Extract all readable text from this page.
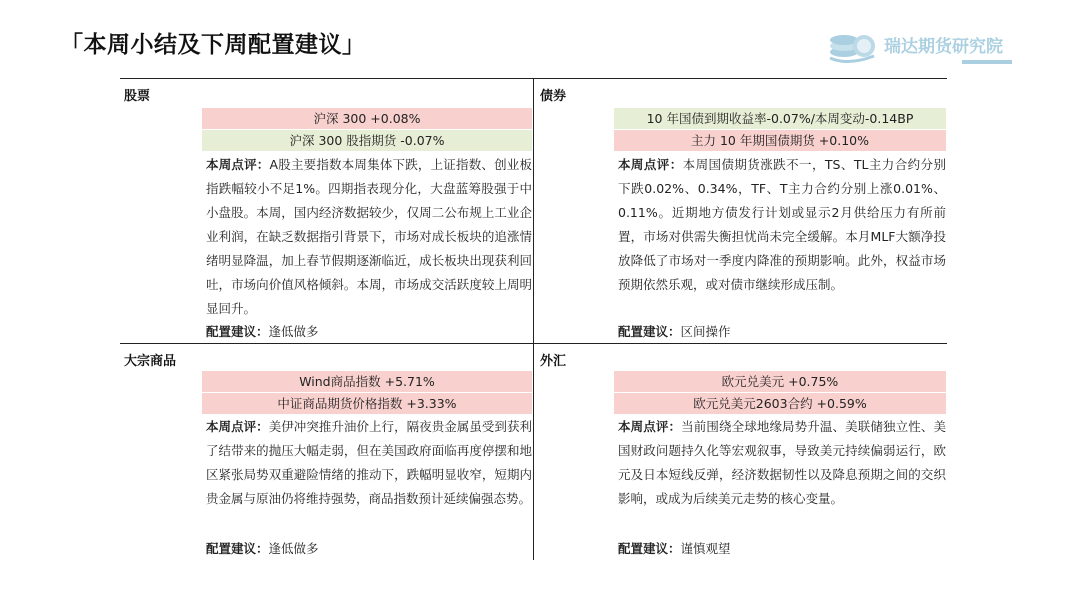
「本周小结及下周配置建议」	瑞达期货研究院
股票
沪深 300 +0.08%
沪深 300 股指期货 -0.07%
本周点评：A股主要指数本周集体下跌，上证指数、创业板指跌幅较小不足1%。四期指表现分化，大盘蓝筹股强于中小盘股。本周，国内经济数据较少，仅周二公布规上工业企业利润，在缺乏数据指引背景下，市场对成长板块的追涨情绪明显降温，加上春节假期逐渐临近，成长板块出现获利回吐，市场向价值风格倾斜。本周，市场成交活跃度较上周明显回升。
配置建议：逢低做多
债券
10 年国债到期收益率-0.07%/本周变动-0.14BP
主力 10 年期国债期货 +0.10%
本周点评：本周国债期货涨跌不一，TS、TL主力合约分别下跌0.02%、0.34%，TF、T主力合约分别上涨0.01%、0.11%。近期地方债发行计划或显示2月供给压力有所前置，市场对供需失衡担忧尚未完全缓解。本月MLF大额净投放降低了市场对一季度内降准的预期影响。此外，权益市场预期依然乐观，或对债市继续形成压制。
配置建议：区间操作
大宗商品
Wind商品指数 +5.71%
中证商品期货价格指数 +3.33%
本周点评：美伊冲突推升油价上行，隔夜贵金属虽受到获利了结带来的抛压大幅走弱，但在美国政府面临再度停摆和地区紧张局势双重避险情绪的推动下，跌幅明显收窄，短期内贵金属与原油仍将维持强势，商品指数预计延续偏强态势。
配置建议：逢低做多
外汇
欧元兑美元 +0.75%
欧元兑美元2603合约 +0.59%
本周点评：当前围绕全球地缘局势升温、美联储独立性、美国财政问题持久化等宏观叙事，导致美元持续偏弱运行，欧元及日本短线反弹，经济数据韧性以及降息预期之间的交织影响，或成为后续美元走势的核心变量。
配置建议：谨慎观望
